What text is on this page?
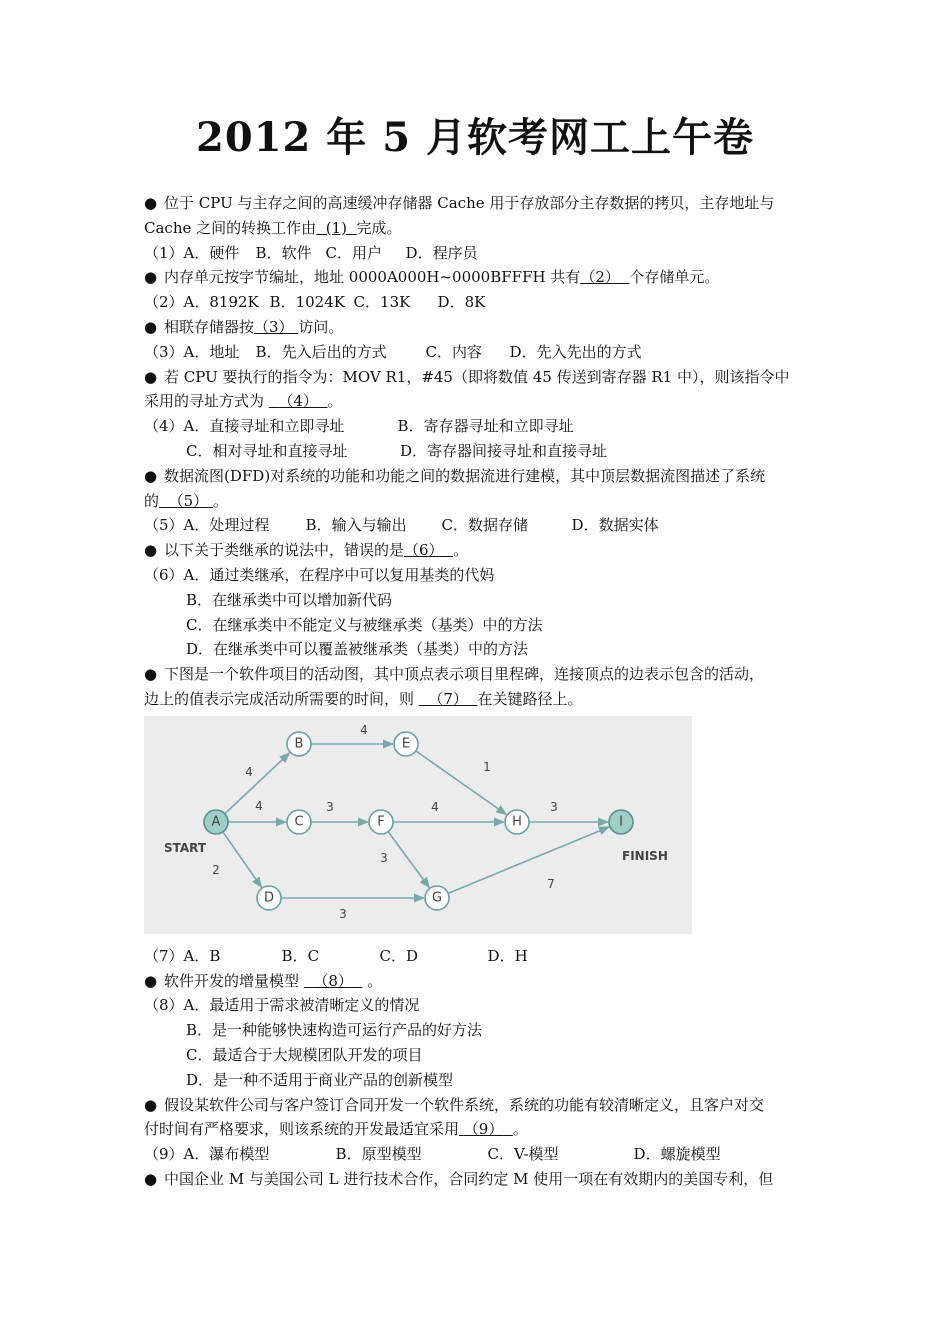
2012 年 5 月软考网工上午卷
● 位于 CPU 与主存之间的高速缓冲存储器 Cache 用于存放部分主存数据的拷贝，主存地址与
Cache 之间的转换工作由 (1) 完成。
（1）A．硬件 B．软件 C．用户 D．程序员
● 内存单元按字节编址，地址 0000A000H~0000BFFFH 共有（2） 个存储单元。
（2）A．8192K B．1024K C．13K D．8K
● 相联存储器按（3） 访问。
（3）A．地址 B．先入后出的方式	C．内容 D．先入先出的方式
● 若 CPU 要执行的指令为：MOV R1，#45（即将数值 45 传送到寄存器 R1 中），则该指令中
采用的寻址方式为 （4） 。
（4）A．直接寻址和立即寻址	B．寄存器寻址和立即寻址
C．相对寻址和直接寻址	D．寄存器间接寻址和直接寻址
● 数据流图(DFD)对系统的功能和功能之间的数据流进行建模，其中顶层数据流图描述了系统
的 （5） 。
（5）A．处理过程 B．输入与输出 C．数据存储	D．数据实体
● 以下关于类继承的说法中，错误的是（6） 。
（6）A．通过类继承，在程序中可以复用基类的代妈
B．在继承类中可以增加新代码
C．在继承类中不能定义与被继承类（基类）中的方法
D．在继承类中可以覆盖被继承类（基类）中的方法
● 下图是一个软件项目的活动图，其中顶点表示项目里程碑，连接顶点的边表示包含的活动，
边上的值表示完成活动所需要的时间，则 （7） 在关键路径上。
4
4
2
4
3
3
1
4
3
3
7
A
B
C
D
E
F
G
H	I
START
FINISH
（7）A．B	B．C	C．D	D．H
● 软件开发的增量模型 （8） 。
（8）A．最适用于需求被清晰定义的情况
B．是一种能够快速构造可运行产品的好方法
C．最适合于大规模团队开发的项目
D．是一种不适用于商业产品的创新模型
● 假设某软件公司与客户签订合同开发一个软件系统，系统的功能有较清晰定义，且客户对交
付时间有严格要求，则该系统的开发最适宜采用 （9） 。
（9）A．瀑布模型	B．原型模型	C．V-模型	D．螺旋模型
● 中国企业 M 与美国公司 L 进行技术合作，合同约定 M 使用一项在有效期内的美国专利，但
